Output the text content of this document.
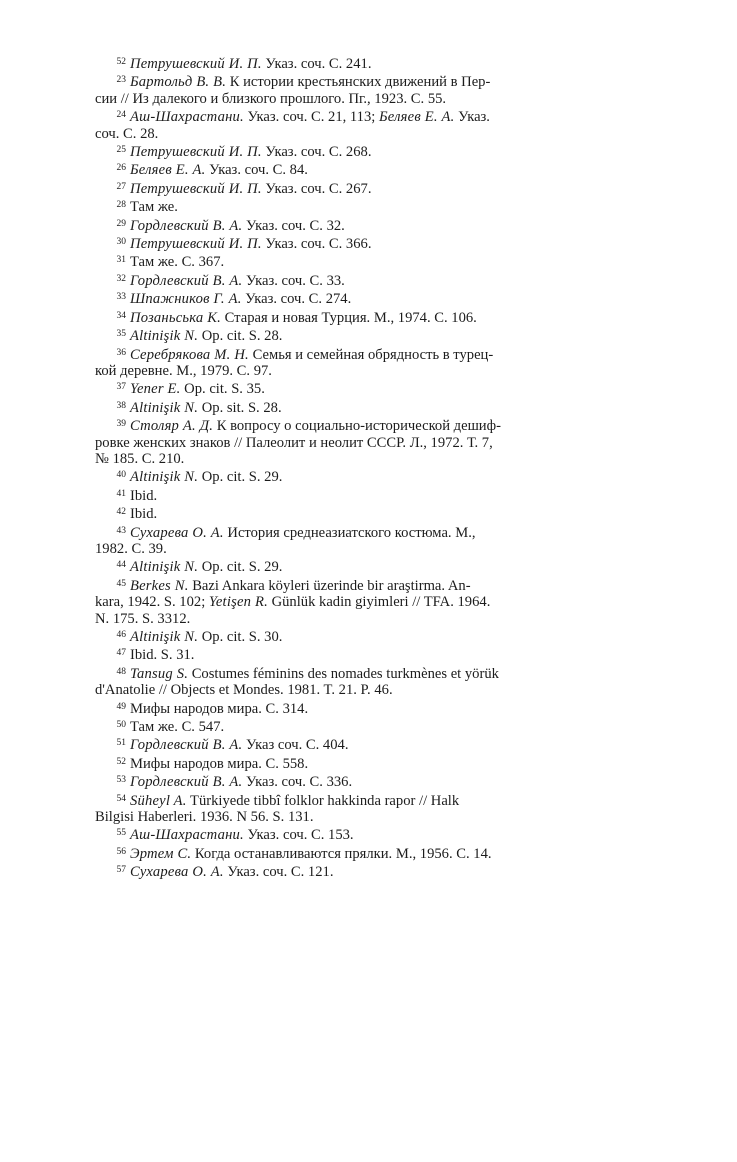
52 Петрушевский И. П. Указ. соч. С. 241.
23 Бартольд В. В. К истории крестьянских движений в Пер-
сии // Из далекого и близкого прошлого. Пг., 1923. С. 55.
24 Аш-Шахрастани. Указ. соч. С. 21, 113; Беляев Е. А. Указ.
соч. С. 28.
25 Петрушевский И. П. Указ. соч. С. 268.
26 Беляев Е. А. Указ. соч. С. 84.
27 Петрушевский И. П. Указ. соч. С. 267.
28 Там же.
29 Гордлевский В. А. Указ. соч. С. 32.
30 Петрушевский И. П. Указ. соч. С. 366.
31 Там же. С. 367.
32 Гордлевский В. А. Указ. соч. С. 33.
33 Шпажников Г. А. Указ. соч. С. 274.
34 Позаньська К. Старая и новая Турция. М., 1974. С. 106.
35 Altinişik N. Op. cit. S. 28.
36 Серебрякова М. Н. Семья и семейная обрядность в турец-
кой деревне. М., 1979. С. 97.
37 Yener E. Op. cit. S. 35.
38 Altinişik N. Op. sit. S. 28.
39 Столяр А. Д. К вопросу о социально-исторической дешиф-
ровке женских знаков // Палеолит и неолит СССР. Л., 1972. Т. 7,
№ 185. С. 210.
40 Altinişik N. Op. cit. S. 29.
41 Ibid.
42 Ibid.
43 Сухарева О. А. История среднеазиатского костюма. М.,
1982. С. 39.
44 Altinişik N. Op. cit. S. 29.
45 Berkes N. Bazi Ankara köyleri üzerinde bir araştirma. An-
kara, 1942. S. 102; Yetişen R. Günlük kadin giyimleri // TFA. 1964.
N. 175. S. 3312.
46 Altinişik N. Op. cit. S. 30.
47 Ibid. S. 31.
48 Tansug S. Costumes féminins des nomades turkmènes et yörük
d'Anatolie // Objects et Mondes. 1981. T. 21. P. 46.
49 Мифы народов мира. С. 314.
50 Там же. С. 547.
51 Гордлевский В. А. Указ соч. С. 404.
52 Мифы народов мира. С. 558.
53 Гордлевский В. А. Указ. соч. С. 336.
54 Süheyl A. Türkiyede tibbî folklor hakkinda rapor // Halk
Bilgisi Haberleri. 1936. N 56. S. 131.
55 Аш-Шахрастани. Указ. соч. С. 153.
56 Эртем С. Когда останавливаются прялки. М., 1956. С. 14.
57 Сухарева О. А. Указ. соч. С. 121.
